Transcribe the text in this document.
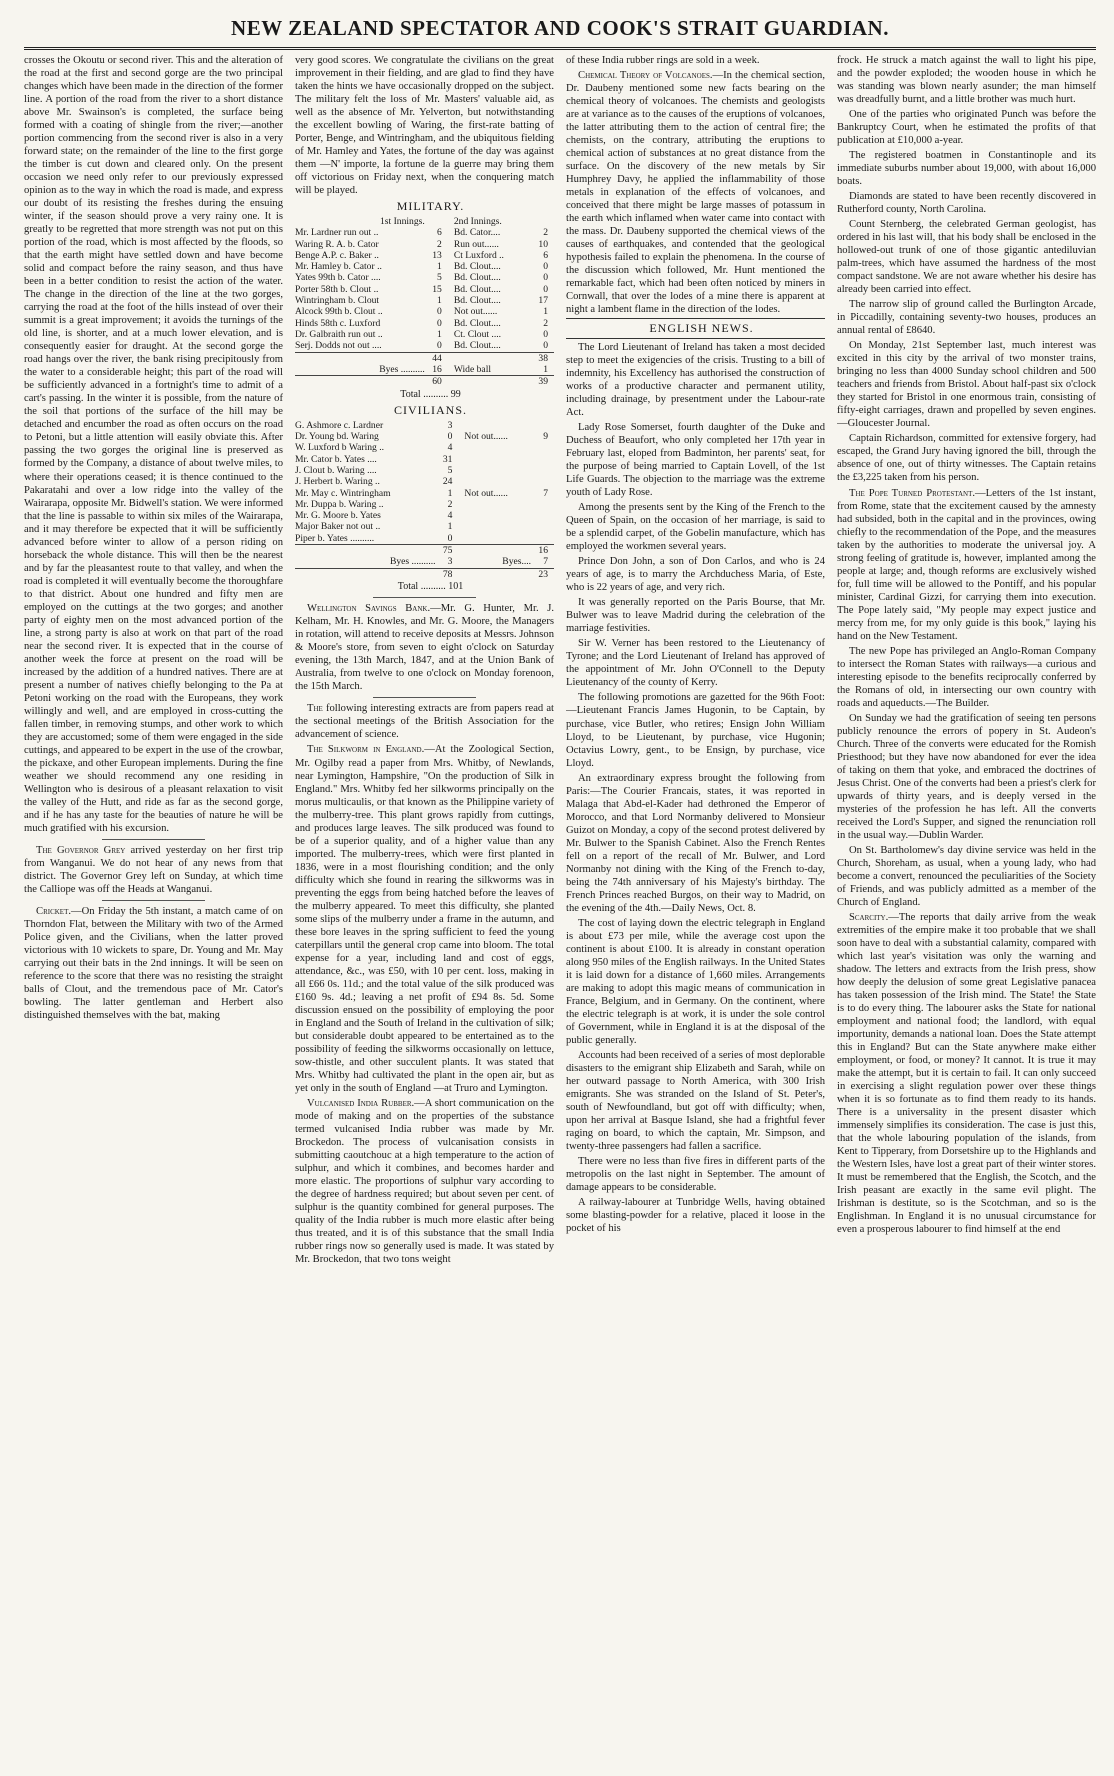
NEW ZEALAND SPECTATOR AND COOK'S STRAIT GUARDIAN.

crosses the Okoutu or second river. This and the alteration of the road at the first and second gorge are the two principal changes which have been made in the direction of the former line. A portion of the road from the river to a short distance above Mr. Swainson's is completed, the surface being formed with a coating of shingle from the river;—another portion commencing from the second river is also in a very forward state; on the remainder of the line to the first gorge the timber is cut down and cleared only. On the present occasion we need only refer to our previously expressed opinion as to the way in which the road is made, and express our doubt of its resisting the freshes during the ensuing winter, if the season should prove a very rainy one. It is greatly to be regretted that more strength was not put on this portion of the road, which is most affected by the floods, so that the earth might have settled down and have become solid and compact before the rainy season, and thus have been in a better condition to resist the action of the water. The change in the direction of the line at the two gorges, carrying the road at the foot of the hills instead of over their summit is a great improvement; it avoids the turnings of the old line, is shorter, and at a much lower elevation, and is consequently easier for draught. At the second gorge the road hangs over the river, the bank rising precipitously from the water to a considerable height; this part of the road will be sufficiently advanced in a fortnight's time to admit of a cart's passing. In the winter it is possible, from the nature of the soil that portions of the surface of the hill may be detached and encumber the road as often occurs on the road to Petoni, but a little attention will easily obviate this. After passing the two gorges the original line is preserved as formed by the Company, a distance of about twelve miles, to where their operations ceased; it is thence continued to the Pakaratahi and over a low ridge into the valley of the Wairarapa, opposite Mr. Bidwell's station. We were informed that the line is passable to within six miles of the Wairarapa, and it may therefore be expected that it will be sufficiently advanced before winter to allow of a person riding on horseback the whole distance. This will then be the nearest and by far the pleasantest route to that valley, and when the road is completed it will eventually become the thoroughfare to that district. About one hundred and fifty men are employed on the cuttings at the two gorges; and another party of eighty men on the most advanced portion of the line, a strong party is also at work on that part of the road near the second river. It is expected that in the course of another week the force at present on the road will be increased by the addition of a hundred natives. There are at present a number of natives chiefly belonging to the Pa at Petoni working on the road with the Europeans, they work willingly and well, and are employed in cross-cutting the fallen timber, in removing stumps, and other work to which they are accustomed; some of them were engaged in the side cuttings, and appeared to be expert in the use of the crowbar, the pickaxe, and other European implements. During the fine weather we should recommend any one residing in Wellington who is desirous of a pleasant relaxation to visit the valley of the Hutt, and ride as far as the second gorge, and if he has any taste for the beauties of nature he will be much gratified with his excursion.

The Governor Grey arrived yesterday on her first trip from Wanganui. We do not hear of any news from that district. The Governor Grey left on Sunday, at which time the Calliope was off the Heads at Wanganui.

Cricket.—On Friday the 5th instant, a match came of on Thorndon Flat, between the Military with two of the Armed Police given, and the Civilians, when the latter proved victorious with 10 wickets to spare, Dr. Young and Mr. May carrying out their bats in the 2nd innings. It will be seen on reference to the score that there was no resisting the straight balls of Clout, and the tremendous pace of Mr. Cator's bowling. The latter gentleman and Herbert also distinguished themselves with the bat, making

very good scores. We congratulate the civilians on the great improvement in their fielding, and are glad to find they have taken the hints we have occasionally dropped on the subject. The military felt the loss of Mr. Masters' valuable aid, as well as the absence of Mr. Yelverton, but notwithstanding the excellent bowling of Waring, the first-rate batting of Porter, Benge, and Wintringham, and the ubiquitous fielding of Mr. Hamley and Yates, the fortune of the day was against them —N' importe, la fortune de la guerre may bring them off victorious on Friday next, when the conquering match will be played.

MILITARY.

1st Innings.		2nd Innings.	
Mr. Lardner run out ..	6	Bd. Cator....	2
Waring R. A. b. Cator	2	Run out......	10
Benge A.P. c. Baker ..	13	Ct Luxford ..	6
Mr. Hamley b. Cator ..	1	Bd. Clout....	0
Yates 99th b. Cator ....	5	Bd. Clout....	0
Porter 58th b. Clout ..	15	Bd. Clout....	0
Wintringham b. Clout	1	Bd. Clout....	17
Alcock 99th b. Clout ..	0	Not out......	1
Hinds 58th c. Luxford	0	Bd. Clout....	2
Dr. Galbraith run out ..	1	Ct. Clout ....	0
Serj. Dodds not out ....	0	Bd. Clout....	0
	44		38
Byes ..........	16	Wide ball	1
	60		39

Total .......... 99

CIVILIANS.

G. Ashmore c. Lardner	3		
Dr. Young bd. Waring	0	Not out......	9
W. Luxford b Waring ..	4		
Mr. Cator b. Yates ....	31		
J. Clout b. Waring ....	5		
J. Herbert b. Waring ..	24		
Mr. May c. Wintringham	1	Not out......	7
Mr. Duppa b. Waring ..	2		
Mr. G. Moore b. Yates	4		
Major Baker not out ..	1		
Piper b. Yates ..........	0		
	75		16
Byes ..........	3	Byes....	7
	78		23

Total .......... 101

Wellington Savings Bank.—Mr. G. Hunter, Mr. J. Kelham, Mr. H. Knowles, and Mr. G. Moore, the Managers in rotation, will attend to receive deposits at Messrs. Johnson & Moore's store, from seven to eight o'clock on Saturday evening, the 13th March, 1847, and at the Union Bank of Australia, from twelve to one o'clock on Monday forenoon, the 15th March.

The following interesting extracts are from papers read at the sectional meetings of the British Association for the advancement of science.

The Silkworm in England.—At the Zoological Section, Mr. Ogilby read a paper from Mrs. Whitby, of Newlands, near Lymington, Hampshire, "On the production of Silk in England." Mrs. Whitby fed her silkworms principally on the morus multicaulis, or that known as the Philippine variety of the mulberry-tree. This plant grows rapidly from cuttings, and produces large leaves. The silk produced was found to be of a superior quality, and of a higher value than any imported. The mulberry-trees, which were first planted in 1836, were in a most flourishing condition; and the only difficulty which she found in rearing the silkworms was in preventing the eggs from being hatched before the leaves of the mulberry appeared. To meet this difficulty, she planted some slips of the mulberry under a frame in the autumn, and these bore leaves in the spring sufficient to feed the young caterpillars until the general crop came into bloom. The total expense for a year, including land and cost of eggs, attendance, &c., was £50, with 10 per cent. loss, making in all £66 0s. 11d.; and the total value of the silk produced was £160 9s. 4d.; leaving a net profit of £94 8s. 5d. Some discussion ensued on the possibility of employing the poor in England and the South of Ireland in the cultivation of silk; but considerable doubt appeared to be entertained as to the possibility of feeding the silkworms occasionally on lettuce, sow-thistle, and other succulent plants. It was stated that Mrs. Whitby had cultivated the plant in the open air, but as yet only in the south of England —at Truro and Lymington.

Vulcanised India Rubber.—A short communication on the mode of making and on the properties of the substance termed vulcanised India rubber was made by Mr. Brockedon. The process of vulcanisation consists in submitting caoutchouc at a high temperature to the action of sulphur, and which it combines, and becomes harder and more elastic. The proportions of sulphur vary according to the degree of hardness required; but about seven per cent. of sulphur is the quantity combined for general purposes. The quality of the India rubber is much more elastic after being thus treated, and it is of this substance that the small India rubber rings now so generally used is made. It was stated by Mr. Brockedon, that two tons weight

of these India rubber rings are sold in a week.

Chemical Theory of Volcanoes.—In the chemical section, Dr. Daubeny mentioned some new facts bearing on the chemical theory of volcanoes. The chemists and geologists are at variance as to the causes of the eruptions of volcanoes, the latter attributing them to the action of central fire; the chemists, on the contrary, attributing the eruptions to chemical action of substances at no great distance from the surface. On the discovery of the new metals by Sir Humphrey Davy, he applied the inflammability of those metals in explanation of the effects of volcanoes, and conceived that there might be large masses of potassum in the earth which inflamed when water came into contact with the mass. Dr. Daubeny supported the chemical views of the causes of earthquakes, and contended that the geological hypothesis failed to explain the phenomena. In the course of the discussion which followed, Mr. Hunt mentioned the remarkable fact, which had been often noticed by miners in Cornwall, that over the lodes of a mine there is apparent at night a lambent flame in the direction of the lodes.

ENGLISH NEWS.

The Lord Lieutenant of Ireland has taken a most decided step to meet the exigencies of the crisis. Trusting to a bill of indemnity, his Excellency has authorised the construction of works of a productive character and permanent utility, including drainage, by presentment under the Labour-rate Act.

Lady Rose Somerset, fourth daughter of the Duke and Duchess of Beaufort, who only completed her 17th year in February last, eloped from Badminton, her parents' seat, for the purpose of being married to Captain Lovell, of the 1st Life Guards. The objection to the marriage was the extreme youth of Lady Rose.

Among the presents sent by the King of the French to the Queen of Spain, on the occasion of her marriage, is said to be a splendid carpet, of the Gobelin manufacture, which has employed the workmen several years.

Prince Don John, a son of Don Carlos, and who is 24 years of age, is to marry the Archduchess Maria, of Este, who is 22 years of age, and very rich.

It was generally reported on the Paris Bourse, that Mr. Bulwer was to leave Madrid during the celebration of the marriage festivities.

Sir W. Verner has been restored to the Lieutenancy of Tyrone; and the Lord Lieutenant of Ireland has approved of the appointment of Mr. John O'Connell to the Deputy Lieutenancy of the county of Kerry.

The following promotions are gazetted for the 96th Foot:—Lieutenant Francis James Hugonin, to be Captain, by purchase, vice Butler, who retires; Ensign John William Lloyd, to be Lieutenant, by purchase, vice Hugonin; Octavius Lowry, gent., to be Ensign, by purchase, vice Lloyd.

An extraordinary express brought the following from Paris:—The Courier Francais, states, it was reported in Malaga that Abd-el-Kader had dethroned the Emperor of Morocco, and that Lord Normanby delivered to Monsieur Guizot on Monday, a copy of the second protest delivered by Mr. Bulwer to the Spanish Cabinet. Also the French Rentes fell on a report of the recall of Mr. Bulwer, and Lord Normanby not dining with the King of the French to-day, being the 74th anniversary of his Majesty's birthday. The French Princes reached Burgos, on their way to Madrid, on the evening of the 4th.—Daily News, Oct. 8.

The cost of laying down the electric telegraph in England is about £73 per mile, while the average cost upon the continent is about £100. It is already in constant operation along 950 miles of the English railways. In the United States it is laid down for a distance of 1,660 miles. Arrangements are making to adopt this magic means of communication in France, Belgium, and in Germany. On the continent, where the electric telegraph is at work, it is under the sole control of Government, while in England it is at the disposal of the public generally.

Accounts had been received of a series of most deplorable disasters to the emigrant ship Elizabeth and Sarah, while on her outward passage to North America, with 300 Irish emigrants. She was stranded on the Island of St. Peter's, south of Newfoundland, but got off with difficulty; when, upon her arrival at Basque Island, she had a frightful fever raging on board, to which the captain, Mr. Simpson, and twenty-three passengers had fallen a sacrifice.

There were no less than five fires in different parts of the metropolis on the last night in September. The amount of damage appears to be considerable.

A railway-labourer at Tunbridge Wells, having obtained some blasting-powder for a relative, placed it loose in the pocket of his

frock. He struck a match against the wall to light his pipe, and the powder exploded; the wooden house in which he was standing was blown nearly asunder; the man himself was dreadfully burnt, and a little brother was much hurt.

One of the parties who originated Punch was before the Bankruptcy Court, when he estimated the profits of that publication at £10,000 a-year.

The registered boatmen in Constantinople and its immediate suburbs number about 19,000, with about 16,000 boats.

Diamonds are stated to have been recently discovered in Rutherford county, North Carolina.

Count Sternberg, the celebrated German geologist, has ordered in his last will, that his body shall be enclosed in the hollowed-out trunk of one of those gigantic antediluvian palm-trees, which have assumed the hardness of the most compact sandstone. We are not aware whether his desire has already been carried into effect.

The narrow slip of ground called the Burlington Arcade, in Piccadilly, containing seventy-two houses, produces an annual rental of £8640.

On Monday, 21st September last, much interest was excited in this city by the arrival of two monster trains, bringing no less than 4000 Sunday school children and 500 teachers and friends from Bristol. About half-past six o'clock they started for Bristol in one enormous train, consisting of fifty-eight carriages, drawn and propelled by seven engines.—Gloucester Journal.

Captain Richardson, committed for extensive forgery, had escaped, the Grand Jury having ignored the bill, through the absence of one, out of thirty witnesses. The Captain retains the £3,225 taken from his person.

The Pope Turned Protestant.—Letters of the 1st instant, from Rome, state that the excitement caused by the amnesty had subsided, both in the capital and in the provinces, owing chiefly to the recommendation of the Pope, and the measures taken by the authorities to moderate the universal joy. A strong feeling of gratitude is, however, implanted among the people at large; and, though reforms are exclusively wished for, full time will be allowed to the Pontiff, and his popular minister, Cardinal Gizzi, for carrying them into execution. The Pope lately said, "My people may expect justice and mercy from me, for my only guide is this book," laying his hand on the New Testament.

The new Pope has privileged an Anglo-Roman Company to intersect the Roman States with railways—a curious and interesting episode to the benefits reciprocally conferred by the Romans of old, in intersecting our own country with roads and aqueducts.—The Builder.

On Sunday we had the gratification of seeing ten persons publicly renounce the errors of popery in St. Audeon's Church. Three of the converts were educated for the Romish Priesthood; but they have now abandoned for ever the idea of taking on them that yoke, and embraced the doctrines of Jesus Christ. One of the converts had been a priest's clerk for upwards of thirty years, and is deeply versed in the mysteries of the profession he has left. All the converts received the Lord's Supper, and signed the renunciation roll in the usual way.—Dublin Warder.

On St. Bartholomew's day divine service was held in the Church, Shoreham, as usual, when a young lady, who had become a convert, renounced the peculiarities of the Society of Friends, and was publicly admitted as a member of the Church of England.

Scarcity.—The reports that daily arrive from the weak extremities of the empire make it too probable that we shall soon have to deal with a substantial calamity, compared with which last year's visitation was only the warning and shadow. The letters and extracts from the Irish press, show how deeply the delusion of some great Legislative panacea has taken possession of the Irish mind. The State! the State is to do every thing. The labourer asks the State for national employment and national food; the landlord, with equal importunity, demands a national loan. Does the State attempt this in England? But can the State anywhere make either employment, or food, or money? It cannot. It is true it may make the attempt, but it is certain to fail. It can only succeed in exercising a slight regulation power over these things when it is so fortunate as to find them ready to its hands. There is a universality in the present disaster which immensely simplifies its consideration. The case is just this, that the whole labouring population of the islands, from Kent to Tipperary, from Dorsetshire up to the Highlands and the Western Isles, have lost a great part of their winter stores. It must be remembered that the English, the Scotch, and the Irish peasant are exactly in the same evil plight. The Irishman is destitute, so is the Scotchman, and so is the Englishman. In England it is no unusual circumstance for even a prosperous labourer to find himself at the end
